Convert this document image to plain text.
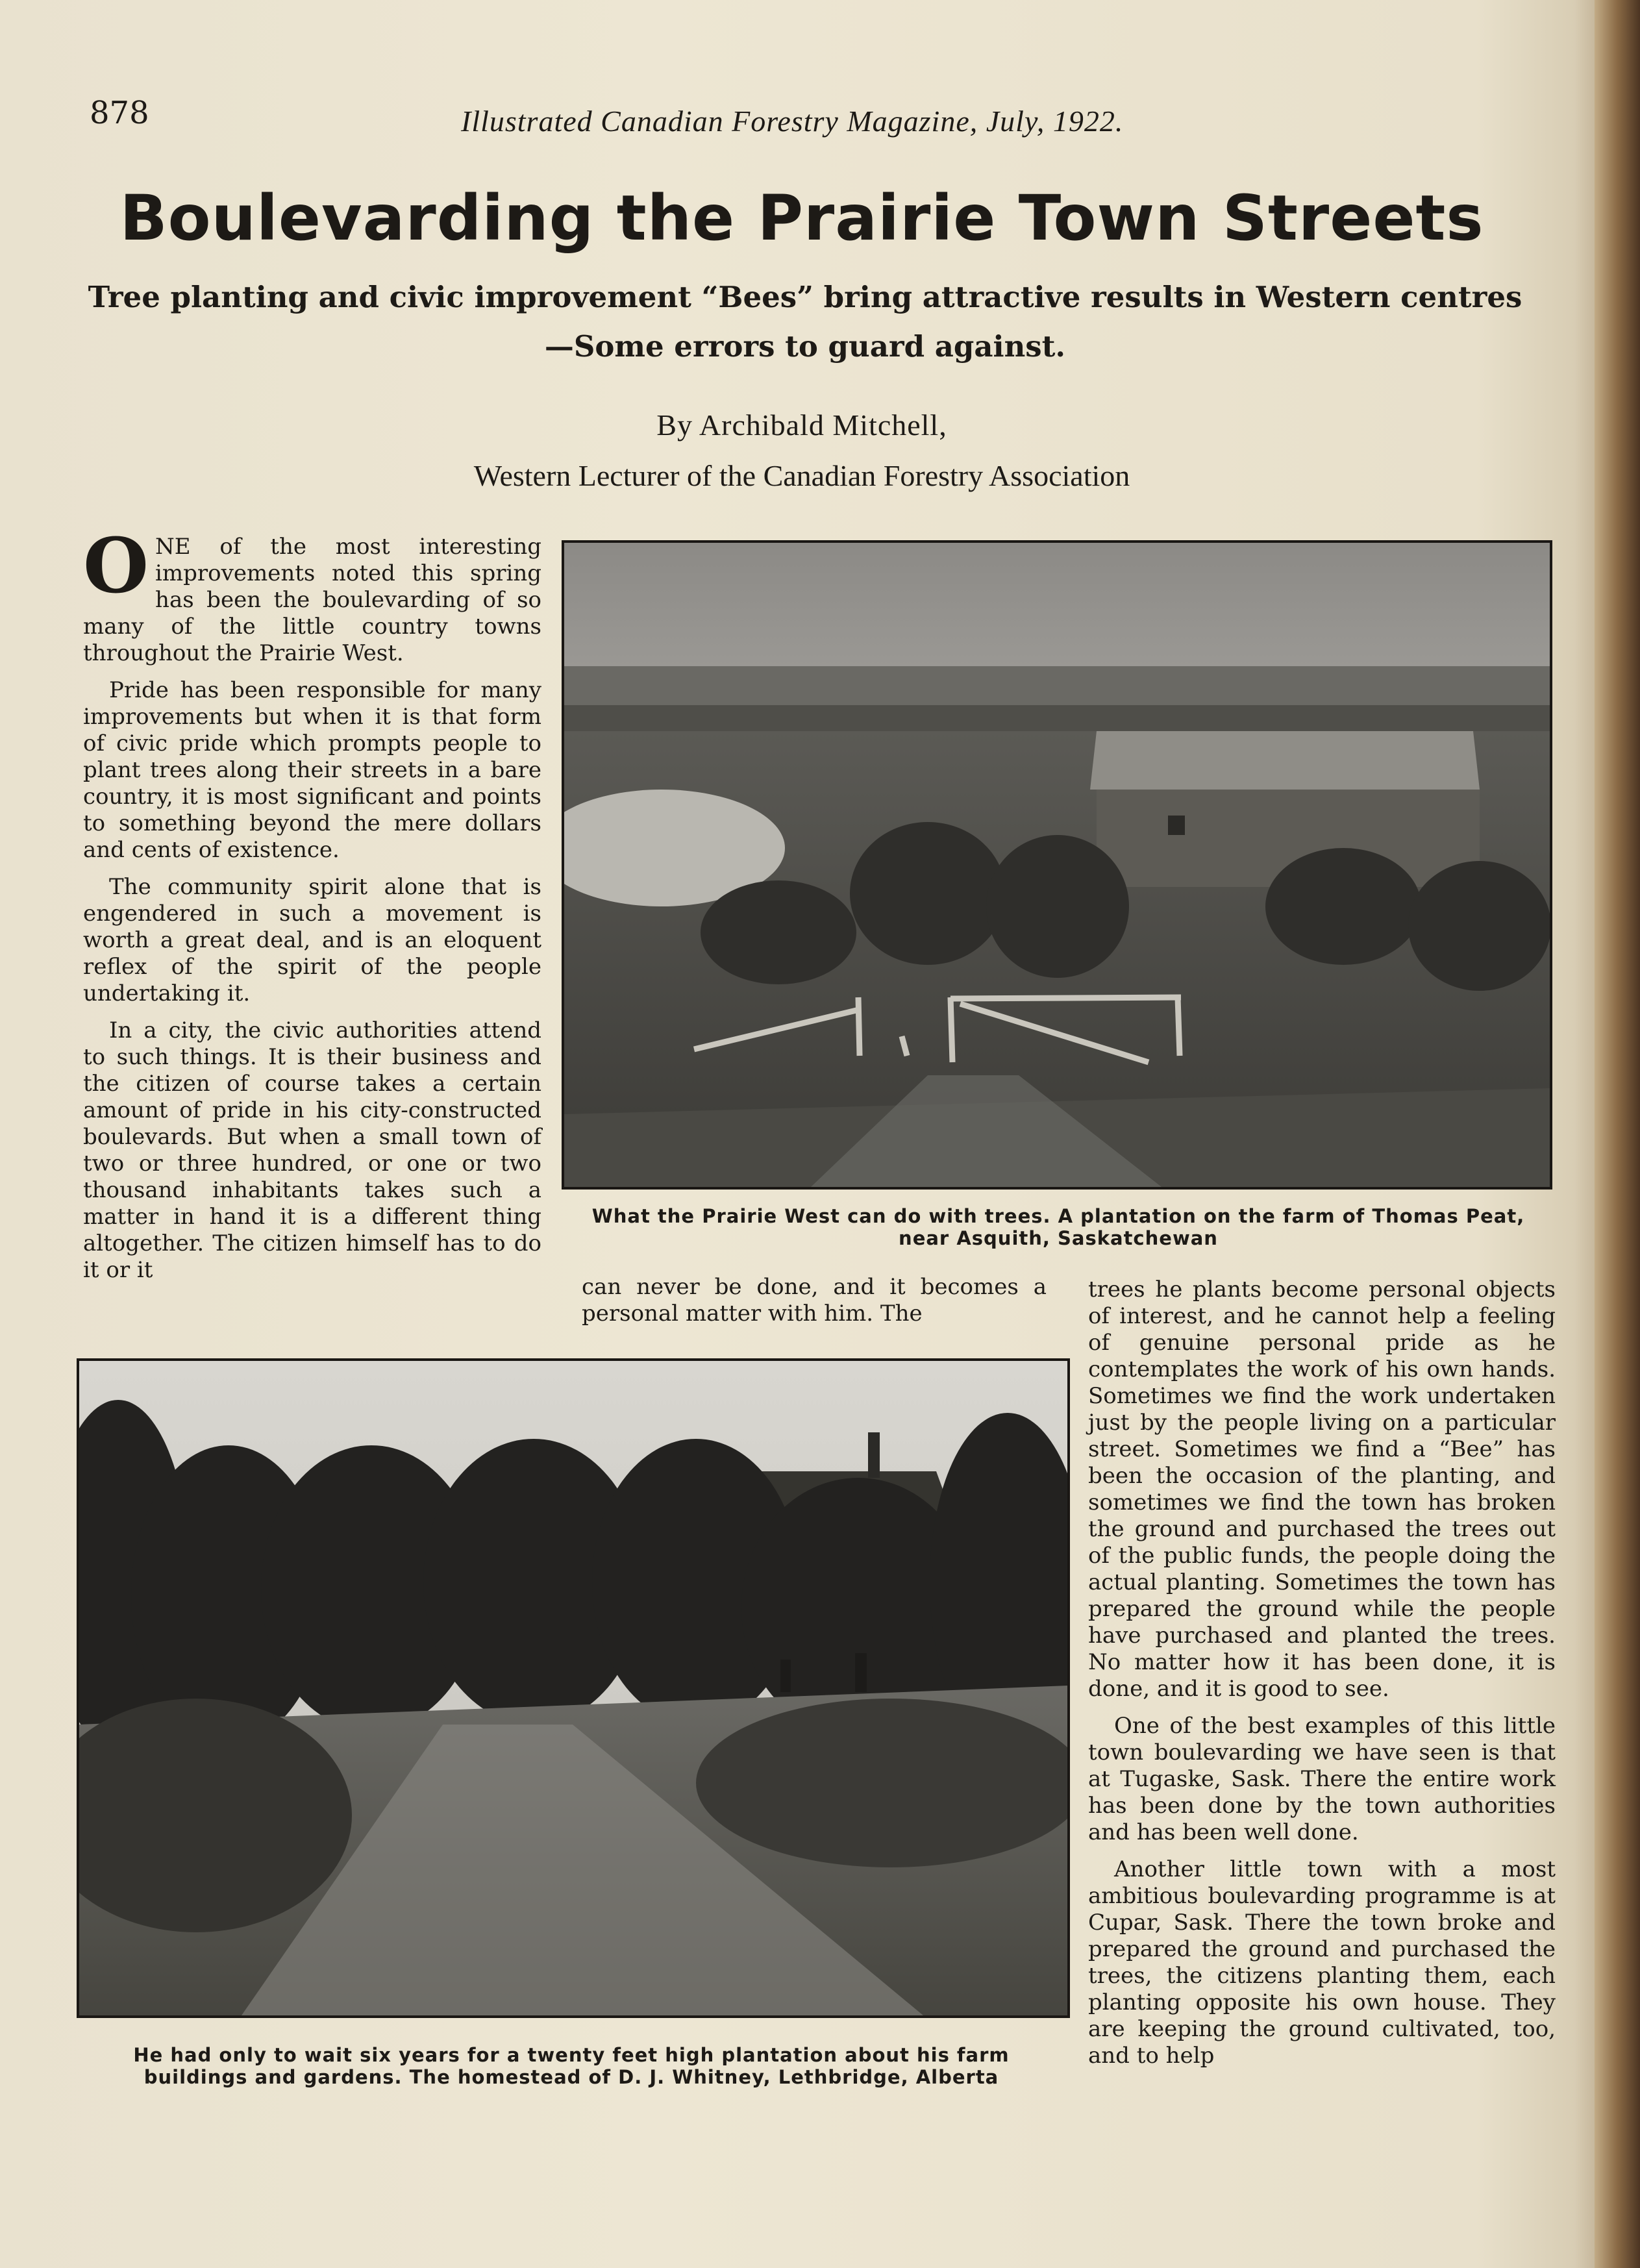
878	Illustrated Canadian Forestry Magazine, July, 1922.
Boulevarding the Prairie Town Streets
Tree planting and civic improvement “Bees” bring attractive results in Western centres —Some errors to guard against.
By Archibald Mitchell,
Western Lecturer of the Canadian Forestry Association

ONE of the most interesting improvements noted this spring has been the boulevarding of so many of the little country towns throughout the Prairie West.

Pride has been responsible for many improvements but when it is that form of civic pride which prompts people to plant trees along their streets in a bare country, it is most significant and points to something beyond the mere dollars and cents of existence.

The community spirit alone that is engendered in such a movement is worth a great deal, and is an eloquent reflex of the spirit of the people undertaking it.

In a city, the civic authorities attend to such things. It is their business and the citizen of course takes a certain amount of pride in his city-constructed boulevards. But when a small town of two or three hundred, or one or two thousand inhabitants takes such a matter in hand it is a different thing altogether. The citizen himself has to do it or it

can never be done, and it becomes a personal matter with him. The

trees he plants become personal objects of interest, and he cannot help a feeling of genuine personal pride as he contemplates the work of his own hands. Sometimes we find the work undertaken just by the people living on a particular street. Sometimes we find a “Bee” has been the occasion of the planting, and sometimes we find the town has broken the ground and purchased the trees out of the public funds, the people doing the actual planting. Sometimes the town has prepared the ground while the people have purchased and planted the trees. No matter how it has been done, it is done, and it is good to see.

One of the best examples of this little town boulevarding we have seen is that at Tugaske, Sask. There the entire work has been done by the town authorities and has been well done.

Another little town with a most ambitious boulevarding programme is at Cupar, Sask. There the town broke and prepared the ground and purchased the trees, the citizens planting them, each planting opposite his own house. They are keeping the ground cultivated, too, and to help

What the Prairie West can do with trees. A plantation on the farm of Thomas Peat, near Asquith, Saskatchewan
He had only to wait six years for a twenty feet high plantation about his farm buildings and gardens. The homestead of D. J. Whitney, Lethbridge, Alberta
